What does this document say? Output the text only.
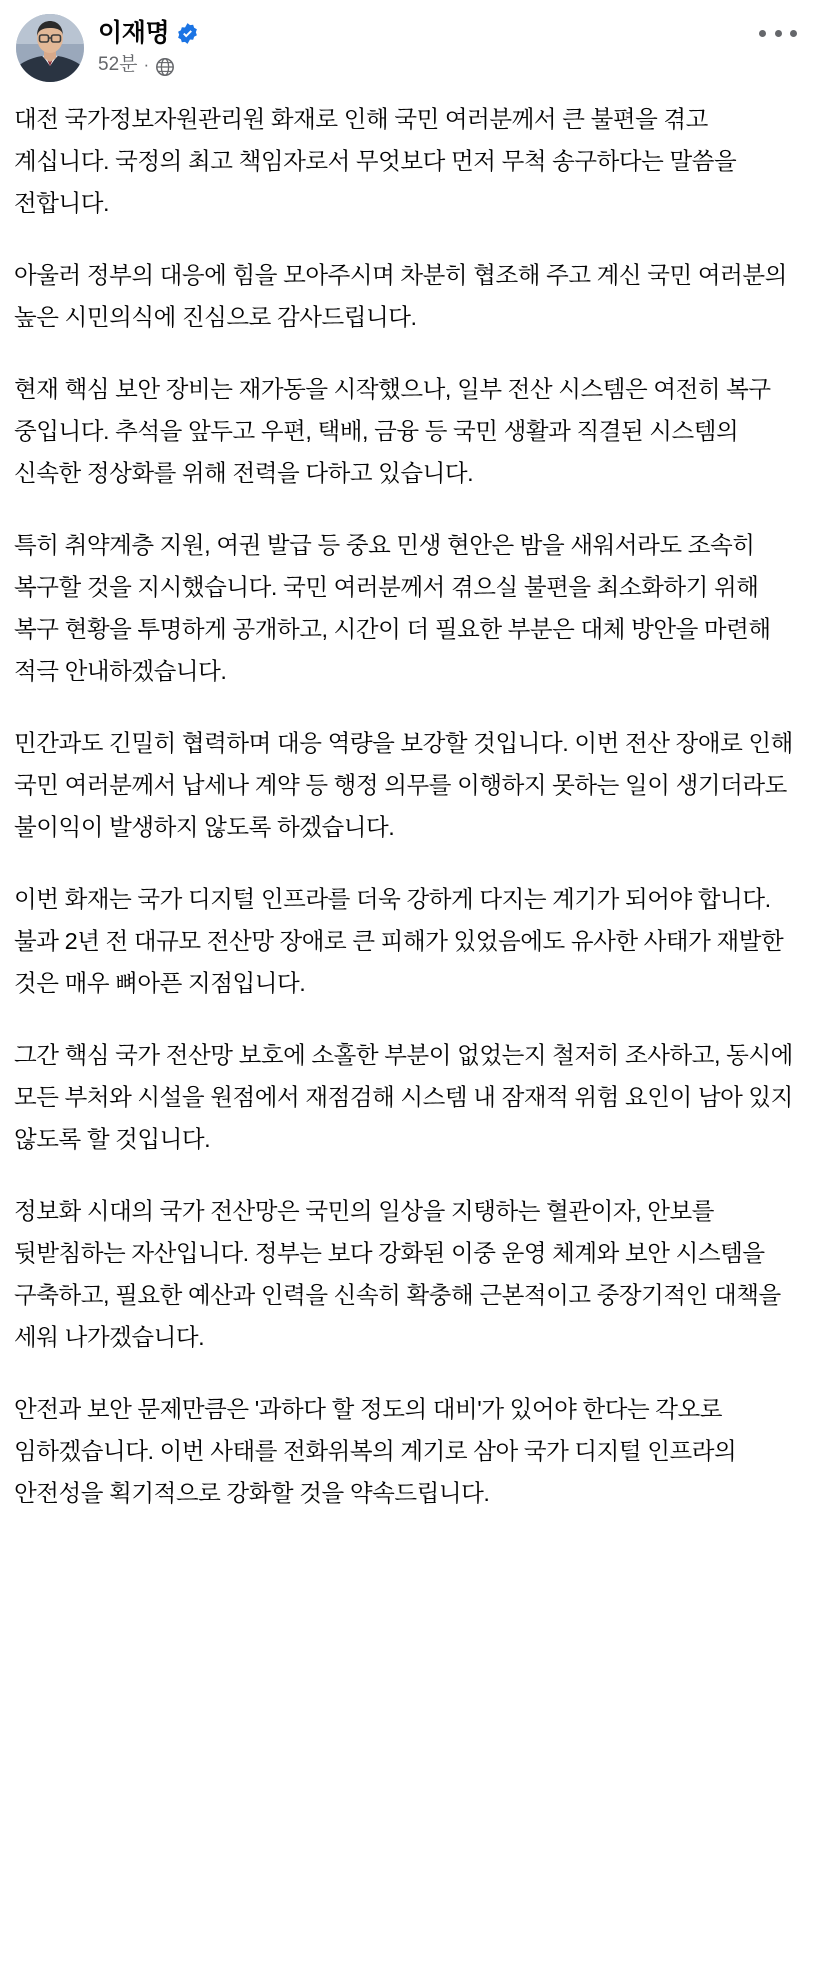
이재명
52분 ·

대전 국가정보자원관리원 화재로 인해 국민 여러분께서 큰 불편을 겪고 계십니다. 국정의 최고 책임자로서 무엇보다 먼저 무척 송구하다는 말씀을 전합니다.

아울러 정부의 대응에 힘을 모아주시며 차분히 협조해 주고 계신 국민 여러분의 높은 시민의식에 진심으로 감사드립니다.

현재 핵심 보안 장비는 재가동을 시작했으나, 일부 전산 시스템은 여전히 복구 중입니다. 추석을 앞두고 우편, 택배, 금융 등 국민 생활과 직결된 시스템의 신속한 정상화를 위해 전력을 다하고 있습니다.

특히 취약계층 지원, 여권 발급 등 중요 민생 현안은 밤을 새워서라도 조속히 복구할 것을 지시했습니다. 국민 여러분께서 겪으실 불편을 최소화하기 위해 복구 현황을 투명하게 공개하고, 시간이 더 필요한 부분은 대체 방안을 마련해 적극 안내하겠습니다.

민간과도 긴밀히 협력하며 대응 역량을 보강할 것입니다. 이번 전산 장애로 인해 국민 여러분께서 납세나 계약 등 행정 의무를 이행하지 못하는 일이 생기더라도 불이익이 발생하지 않도록 하겠습니다.

이번 화재는 국가 디지털 인프라를 더욱 강하게 다지는 계기가 되어야 합니다. 불과 2년 전 대규모 전산망 장애로 큰 피해가 있었음에도 유사한 사태가 재발한 것은 매우 뼈아픈 지점입니다.

그간 핵심 국가 전산망 보호에 소홀한 부분이 없었는지 철저히 조사하고, 동시에 모든 부처와 시설을 원점에서 재점검해 시스템 내 잠재적 위험 요인이 남아 있지 않도록 할 것입니다.

정보화 시대의 국가 전산망은 국민의 일상을 지탱하는 혈관이자, 안보를 뒷받침하는 자산입니다. 정부는 보다 강화된 이중 운영 체계와 보안 시스템을 구축하고, 필요한 예산과 인력을 신속히 확충해 근본적이고 중장기적인 대책을 세워 나가겠습니다.

안전과 보안 문제만큼은 '과하다 할 정도의 대비'가 있어야 한다는 각오로 임하겠습니다. 이번 사태를 전화위복의 계기로 삼아 국가 디지털 인프라의 안전성을 획기적으로 강화할 것을 약속드립니다.
